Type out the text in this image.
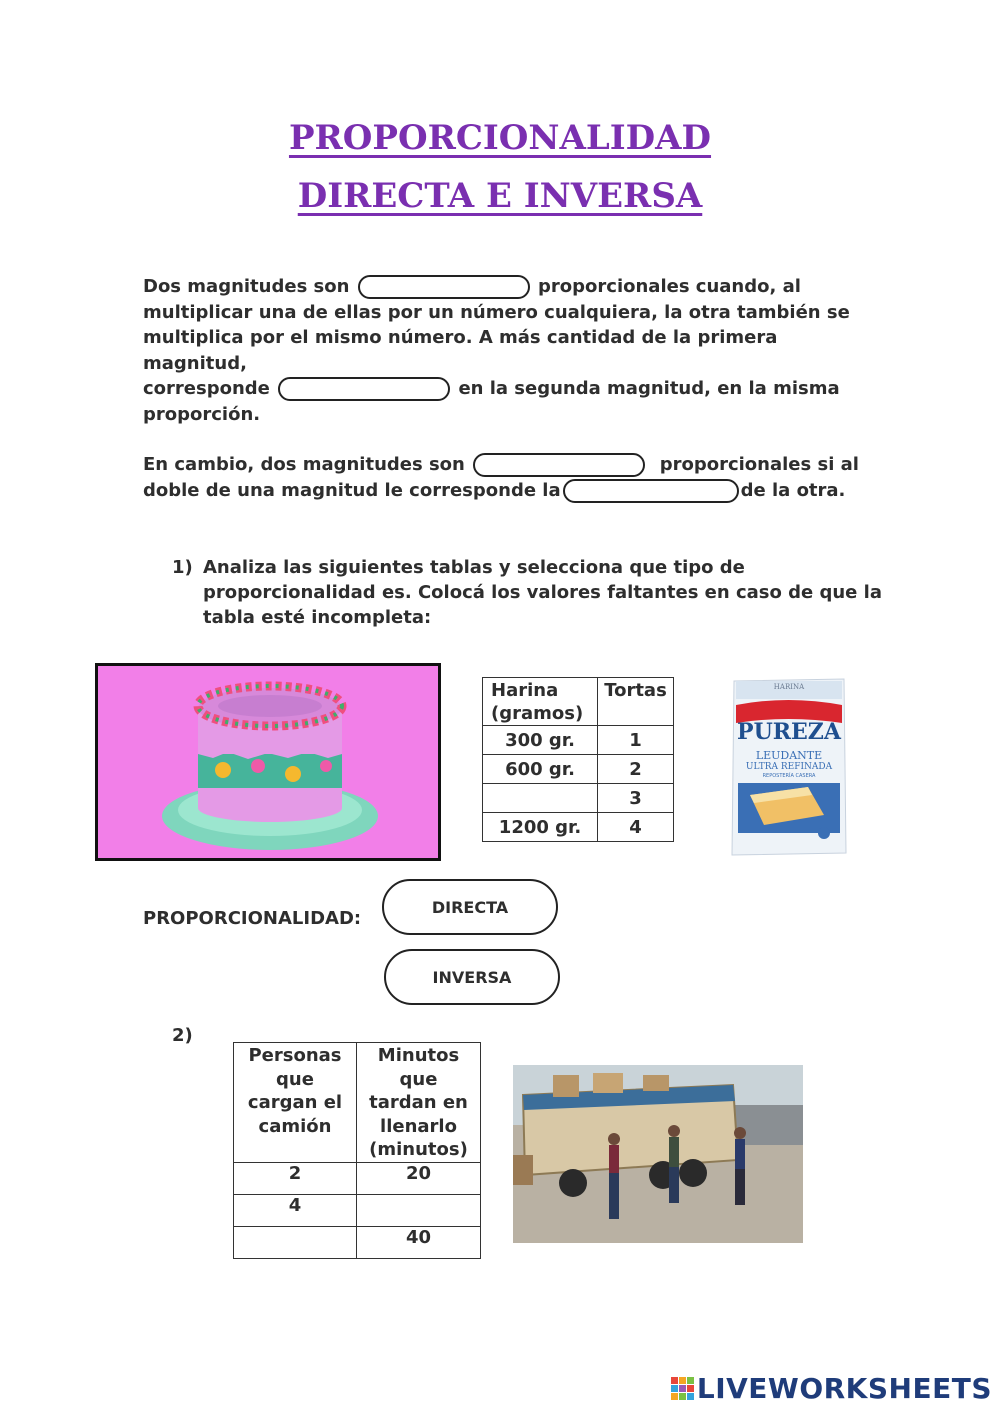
PROPORCIONALIDAD
DIRECTA E INVERSA
Dos magnitudes son	proporcionales cuando, al
multiplicar una de ellas por un número cualquiera, la otra también se
multiplica por el mismo número. A más cantidad de la primera magnitud,
corresponde	en la segunda magnitud, en la misma
proporción.
En cambio, dos magnitudes son	proporcionales si al
doble de una magnitud le corresponde la	de la otra.
1) Analiza las siguientes tablas y selecciona que tipo de
proporcionalidad es. Colocá los valores faltantes en caso de que la
tabla esté incompleta:
Harina
(gramos)	Tortas
300 gr.	1
600 gr.	2
	3
1200 gr.	4
HARINA
PUREZA
LEUDANTE
ULTRA REFINADA
REPOSTERÍA CASERA
PROPORCIONALIDAD:
DIRECTA
INVERSA
2)
Personas
que
cargan el
camión	Minutos
que
tardan en
llenarlo
(minutos)
2	20
4	
	40
LIVEWORKSHEETS
